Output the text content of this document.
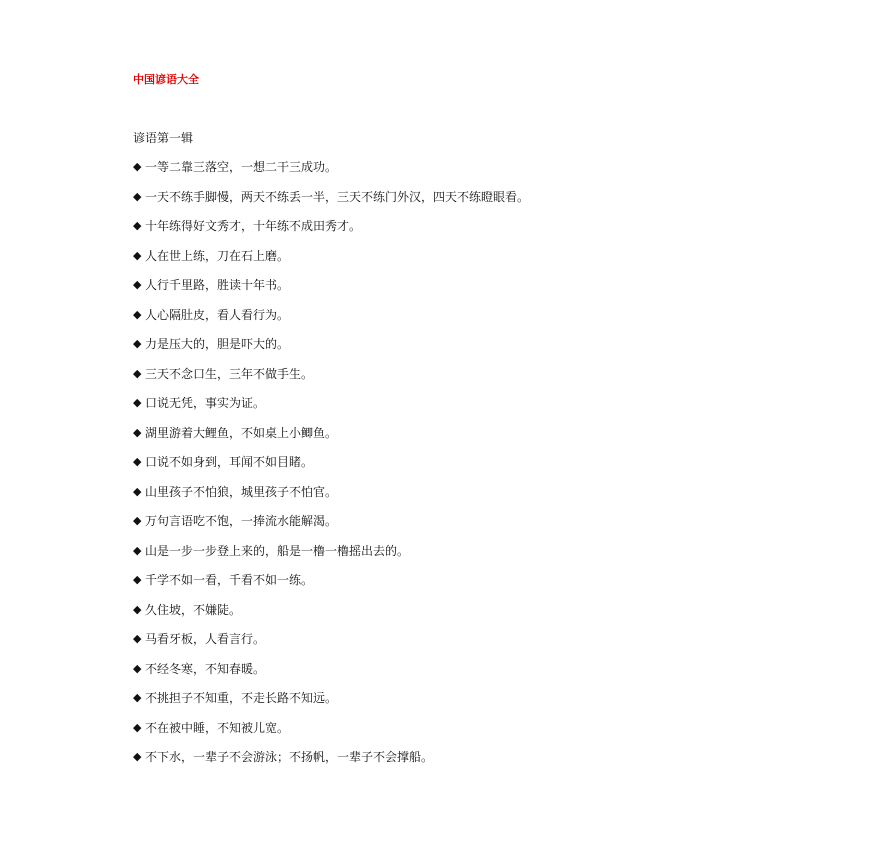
中国谚语大全
谚语第一辑
◆ 一等二靠三落空，一想二干三成功。
◆ 一天不练手脚慢，两天不练丢一半，三天不练门外汉，四天不练瞪眼看。
◆ 十年练得好文秀才，十年练不成田秀才。
◆ 人在世上练，刀在石上磨。
◆ 人行千里路，胜读十年书。
◆ 人心隔肚皮，看人看行为。
◆ 力是压大的，胆是吓大的。
◆ 三天不念口生，三年不做手生。
◆ 口说无凭，事实为证。
◆ 湖里游着大鲤鱼，不如桌上小鲫鱼。
◆ 口说不如身到，耳闻不如目睹。
◆ 山里孩子不怕狼，城里孩子不怕官。
◆ 万句言语吃不饱，一捧流水能解渴。
◆ 山是一步一步登上来的，船是一橹一橹摇出去的。
◆ 千学不如一看，千看不如一练。
◆ 久住坡，不嫌陡。
◆ 马看牙板，人看言行。
◆ 不经冬寒，不知春暖。
◆ 不挑担子不知重，不走长路不知远。
◆ 不在被中睡，不知被儿宽。
◆ 不下水，一辈子不会游泳；不扬帆，一辈子不会撑船。
